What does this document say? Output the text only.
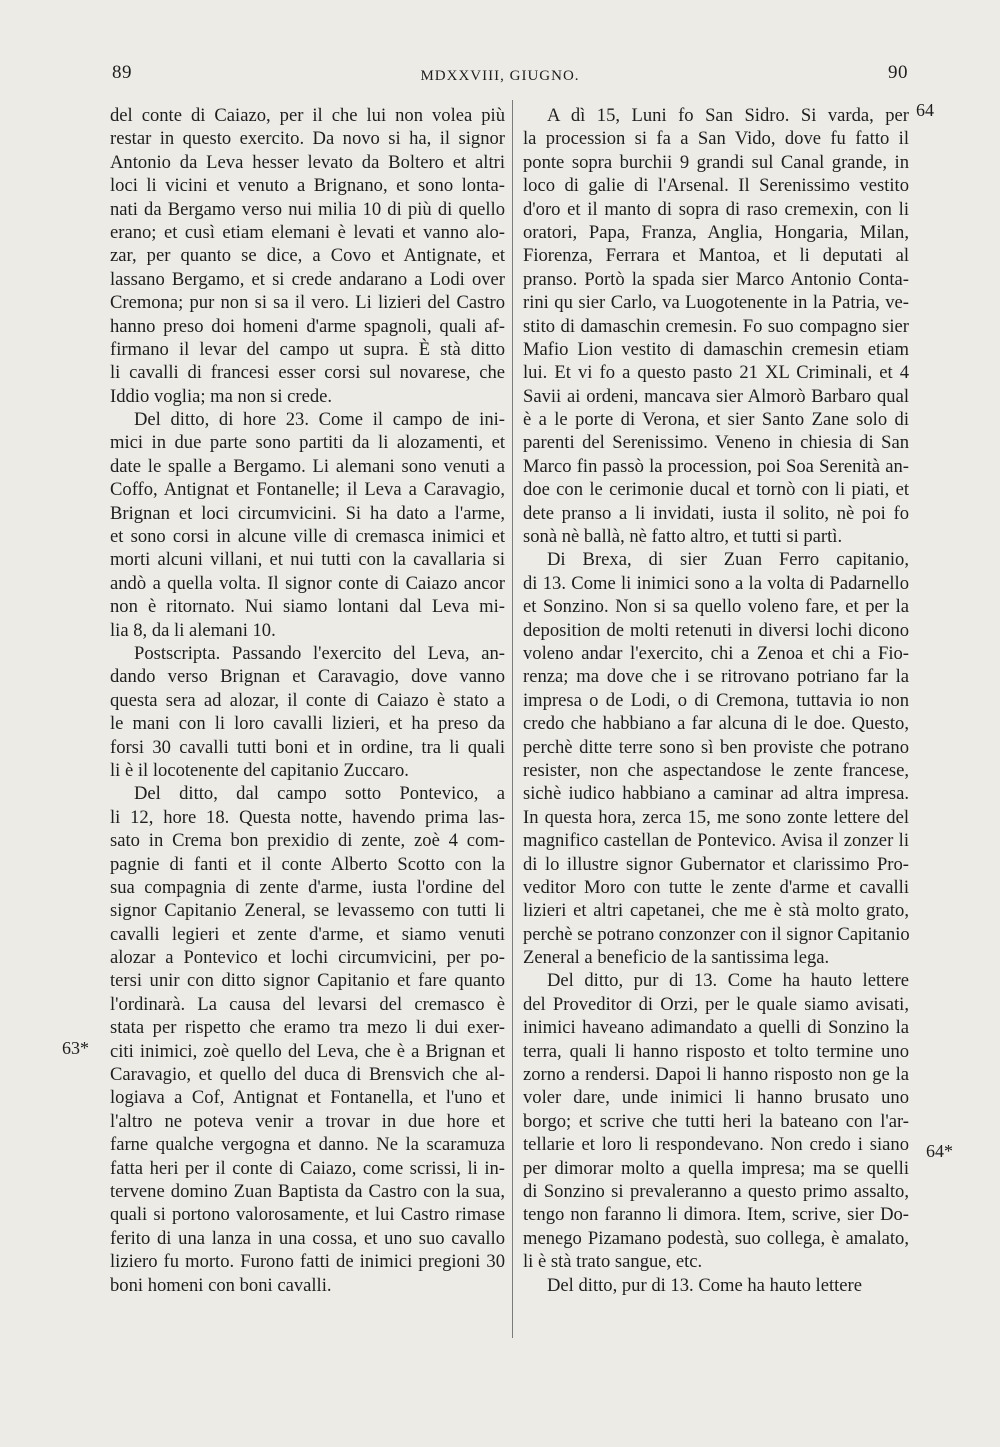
89	MDXXVIII, GIUGNO.	90
64
63*
64*

del conte di Caiazo, per il che lui non volea più

restar in questo exercito. Da novo si ha, il signor

Antonio da Leva hesser levato da Boltero et altri

loci li vicini et venuto a Brignano, et sono lonta-

nati da Bergamo verso nui milia 10 di più di quello

erano; et cusì etiam elemani è levati et vanno alo-

zar, per quanto se dice, a Covo et Antignate, et

lassano Bergamo, et si crede andarano a Lodi over

Cremona; pur non si sa il vero. Li lizieri del Castro

hanno preso doi homeni d'arme spagnoli, quali af-

firmano il levar del campo ut supra. È stà ditto

li cavalli di francesi esser corsi sul novarese, che

Iddio voglia; ma non si crede.

Del ditto, di hore 23. Come il campo de ini-

mici in due parte sono partiti da li alozamenti, et

date le spalle a Bergamo. Li alemani sono venuti a

Coffo, Antignat et Fontanelle; il Leva a Caravagio,

Brignan et loci circumvicini. Si ha dato a l'arme,

et sono corsi in alcune ville di cremasca inimici et

morti alcuni villani, et nui tutti con la cavallaria si

andò a quella volta. Il signor conte di Caiazo ancor

non è ritornato. Nui siamo lontani dal Leva mi-

lia 8, da li alemani 10.

Postscripta. Passando l'exercito del Leva, an-

dando verso Brignan et Caravagio, dove vanno

questa sera ad alozar, il conte di Caiazo è stato a

le mani con li loro cavalli lizieri, et ha preso da

forsi 30 cavalli tutti boni et in ordine, tra li quali

li è il locotenente del capitanio Zuccaro.

Del ditto, dal campo sotto Pontevico, a

li 12, hore 18. Questa notte, havendo prima las-

sato in Crema bon prexidio di zente, zoè 4 com-

pagnie di fanti et il conte Alberto Scotto con la

sua compagnia di zente d'arme, iusta l'ordine del

signor Capitanio Zeneral, se levassemo con tutti li

cavalli legieri et zente d'arme, et siamo venuti

alozar a Pontevico et lochi circumvicini, per po-

tersi unir con ditto signor Capitanio et fare quanto

l'ordinarà. La causa del levarsi del cremasco è

stata per rispetto che eramo tra mezo li dui exer-

citi inimici, zoè quello del Leva, che è a Brignan et

Caravagio, et quello del duca di Brensvich che al-

logiava a Cof, Antignat et Fontanella, et l'uno et

l'altro ne poteva venir a trovar in due hore et

farne qualche vergogna et danno. Ne la scaramuza

fatta heri per il conte di Caiazo, come scrissi, li in-

tervene domino Zuan Baptista da Castro con la sua,

quali si portono valorosamente, et lui Castro rimase

ferito di una lanza in una cossa, et uno suo cavallo

liziero fu morto. Furono fatti de inimici pregioni 30

boni homeni con boni cavalli.

A dì 15, Luni fo San Sidro. Si varda, per

la procession si fa a San Vido, dove fu fatto il

ponte sopra burchii 9 grandi sul Canal grande, in

loco di galie di l'Arsenal. Il Serenissimo vestito

d'oro et il manto di sopra di raso cremexin, con li

oratori, Papa, Franza, Anglia, Hongaria, Milan,

Fiorenza, Ferrara et Mantoa, et li deputati al

pranso. Portò la spada sier Marco Antonio Conta-

rini qu sier Carlo, va Luogotenente in la Patria, ve-

stito di damaschin cremesin. Fo suo compagno sier

Mafio Lion vestito di damaschin cremesin etiam

lui. Et vi fo a questo pasto 21 XL Criminali, et 4

Savii ai ordeni, mancava sier Almorò Barbaro qual

è a le porte di Verona, et sier Santo Zane solo di

parenti del Serenissimo. Veneno in chiesia di San

Marco fin passò la procession, poi Soa Serenità an-

doe con le cerimonie ducal et tornò con li piati, et

dete pranso a li invidati, iusta il solito, nè poi fo

sonà nè ballà, nè fatto altro, et tutti si partì.

Di Brexa, di sier Zuan Ferro capitanio,

di 13. Come li inimici sono a la volta di Padarnello

et Sonzino. Non si sa quello voleno fare, et per la

deposition de molti retenuti in diversi lochi dicono

voleno andar l'exercito, chi a Zenoa et chi a Fio-

renza; ma dove che i se ritrovano potriano far la

impresa o de Lodi, o di Cremona, tuttavia io non

credo che habbiano a far alcuna di le doe. Questo,

perchè ditte terre sono sì ben proviste che potrano

resister, non che aspectandose le zente francese,

sichè iudico habbiano a caminar ad altra impresa.

In questa hora, zerca 15, me sono zonte lettere del

magnifico castellan de Pontevico. Avisa il zonzer li

di lo illustre signor Gubernator et clarissimo Pro-

veditor Moro con tutte le zente d'arme et cavalli

lizieri et altri capetanei, che me è stà molto grato,

perchè se potrano conzonzer con il signor Capitanio

Zeneral a beneficio de la santissima lega.

Del ditto, pur di 13. Come ha hauto lettere

del Proveditor di Orzi, per le quale siamo avisati,

inimici haveano adimandato a quelli di Sonzino la

terra, quali li hanno risposto et tolto termine uno

zorno a rendersi. Dapoi li hanno risposto non ge la

voler dare, unde inimici li hanno brusato uno

borgo; et scrive che tutti heri la bateano con l'ar-

tellarie et loro li respondevano. Non credo i siano

per dimorar molto a quella impresa; ma se quelli

di Sonzino si prevaleranno a questo primo assalto,

tengo non faranno li dimora. Item, scrive, sier Do-

menego Pizamano podestà, suo collega, è amalato,

li è stà trato sangue, etc.

Del ditto, pur di 13. Come ha hauto lettere
